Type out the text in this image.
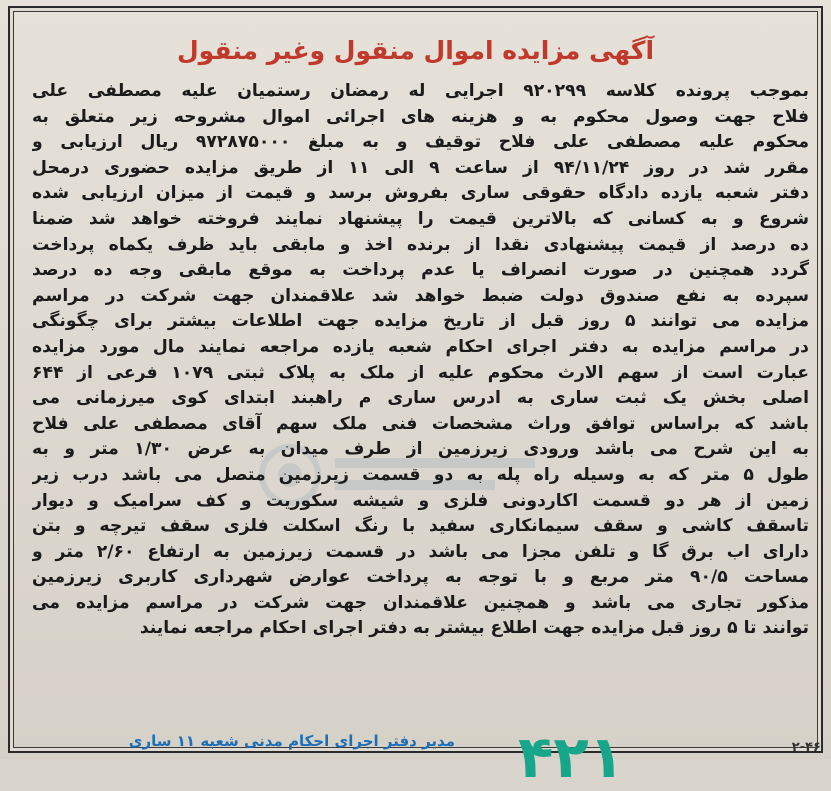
آگهی مزایده اموال منقول وغیر منقول
بموجب پرونده کلاسه ۹۲۰۲۹۹ اجرایی له رمضان رستمیان علیه مصطفی علی
فلاح جهت وصول محکوم به و هزینه های اجرائی اموال مشروحه زیر متعلق به
محکوم علیه مصطفی علی فلاح توقیف و به مبلغ ۹۷۲۸۷۵۰۰۰ ریال ارزیابی و
مقرر شد در روز ۹۴/۱۱/۲۴ از ساعت ۹ الی ۱۱ از طریق مزایده حضوری درمحل
دفتر شعبه یازده دادگاه حقوقی ساری بفروش برسد و قیمت از میزان ارزیابی شده
شروع و به کسانی که بالاترین قیمت را پیشنهاد نمایند فروخته خواهد شد ضمنا
ده درصد از قیمت پیشنهادی نقدا از برنده اخذ و مابقی باید ظرف یکماه پرداخت
گردد همچنین در صورت انصراف یا عدم پرداخت به موقع مابقی وجه ده درصد
سپرده به نفع صندوق دولت ضبط خواهد شد علاقمندان جهت شرکت در مراسم
مزایده می توانند ۵ روز قبل از تاریخ مزایده جهت اطلاعات بیشتر برای چگونگی
در مراسم مزایده به دفتر اجرای احکام شعبه یازده مراجعه نمایند مال مورد مزایده
عبارت است از سهم الارث محکوم علیه از ملک به پلاک ثبتی ۱۰۷۹ فرعی از ۶۴۴
اصلی بخش یک ثبت ساری به ادرس ساری م راهبند ابتدای کوی میرزمانی می
باشد که براساس توافق وراث مشخصات فنی ملک سهم آقای مصطفی علی فلاح
به این شرح می باشد ورودی زیرزمین از طرف میدان به عرض ۱/۳۰ متر و به
طول ۵ متر که به وسیله راه پله به دو قسمت زیرزمین متصل می باشد درب زیر
زمین از هر دو قسمت اکاردونی فلزی و شیشه سکوریت و کف سرامیک و دیوار
تاسقف کاشی و سقف سیمانکاری سفید با رنگ اسکلت فلزی سقف تیرچه و بتن
دارای اب برق گا و تلفن مجزا می باشد در قسمت زیرزمین به ارتفاع ۲/۶۰ متر و
مساحت ۹۰/۵ متر مربع و با توجه به پرداخت عوارض شهرداری کاربری زیرزمین
مذکور تجاری می باشد و همچنین علاقمندان جهت شرکت در مراسم مزایده می
توانند تا ۵ روز قبل مزایده جهت اطلاع بیشتر به دفتر اجرای احکام مراجعه نمایند
مدیر دفتر اجرای احکام مدنی شعبه ۱۱ ساری ۴۲۱	۲-۴۶
